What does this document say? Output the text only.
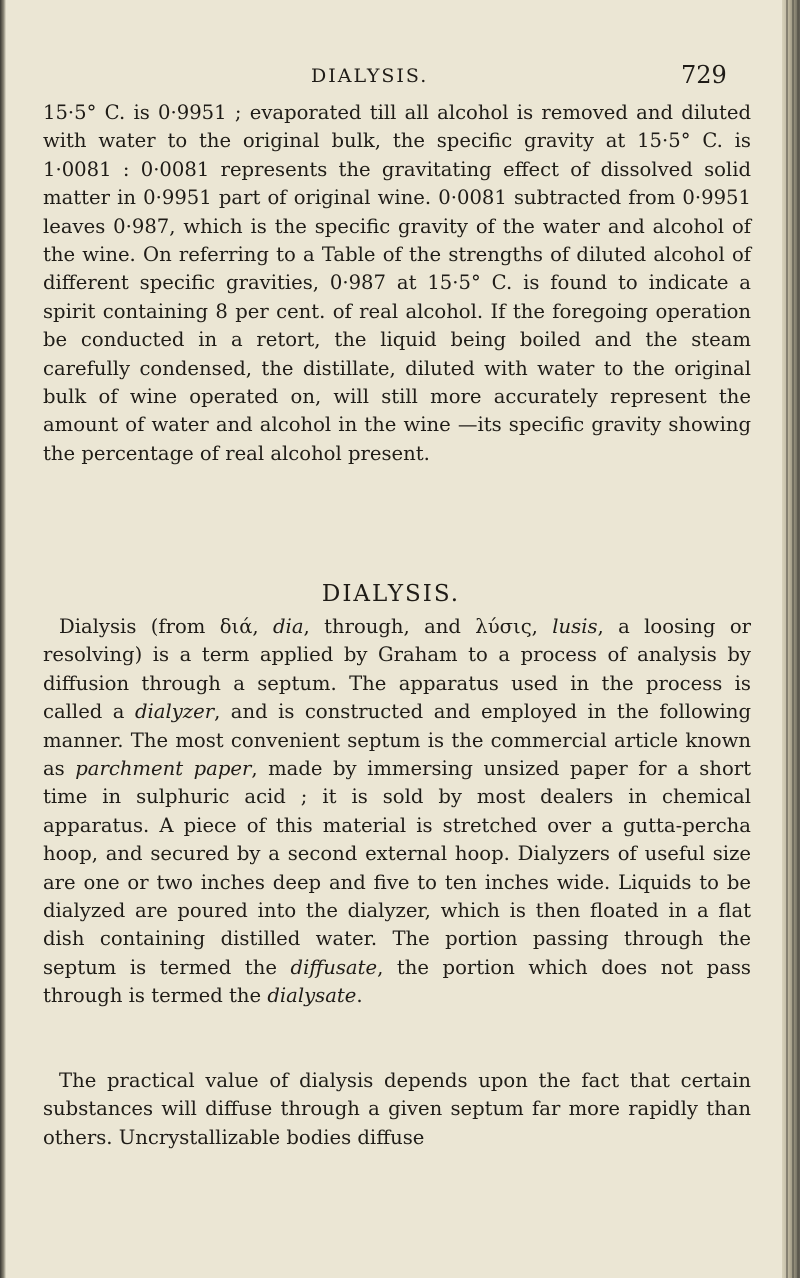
DIALYSIS.	729
15·5° C. is 0·9951 ; evaporated till all alcohol is removed and diluted with water to the original bulk, the specific gravity at 15·5° C. is 1·0081 : 0·0081 represents the gravitating effect of dissolved solid matter in 0·9951 part of original wine. 0·0081 subtracted from 0·9951 leaves 0·987, which is the specific gravity of the water and alcohol of the wine. On referring to a Table of the strengths of diluted alcohol of different specific gravities, 0·987 at 15·5° C. is found to indicate a spirit containing 8 per cent. of real alcohol. If the foregoing operation be conducted in a retort, the liquid being boiled and the steam carefully condensed, the distillate, diluted with water to the original bulk of wine operated on, will still more accurately represent the amount of water and alcohol in the wine —its specific gravity showing the percentage of real alcohol present.
DIALYSIS.
Dialysis (from διά, dia, through, and λύσις, lusis, a loosing or resolving) is a term applied by Graham to a process of analysis by diffusion through a septum. The apparatus used in the process is called a dialyzer, and is constructed and employed in the following manner. The most convenient septum is the commercial article known as parchment paper, made by immersing unsized paper for a short time in sulphuric acid ; it is sold by most dealers in chemical apparatus. A piece of this material is stretched over a gutta-percha hoop, and secured by a second external hoop. Dialyzers of useful size are one or two inches deep and five to ten inches wide. Liquids to be dialyzed are poured into the dialyzer, which is then floated in a flat dish containing distilled water. The portion passing through the septum is termed the diffusate, the portion which does not pass through is termed the dialysate.
The practical value of dialysis depends upon the fact that certain substances will diffuse through a given septum far more rapidly than others. Uncrystallizable bodies diffuse
